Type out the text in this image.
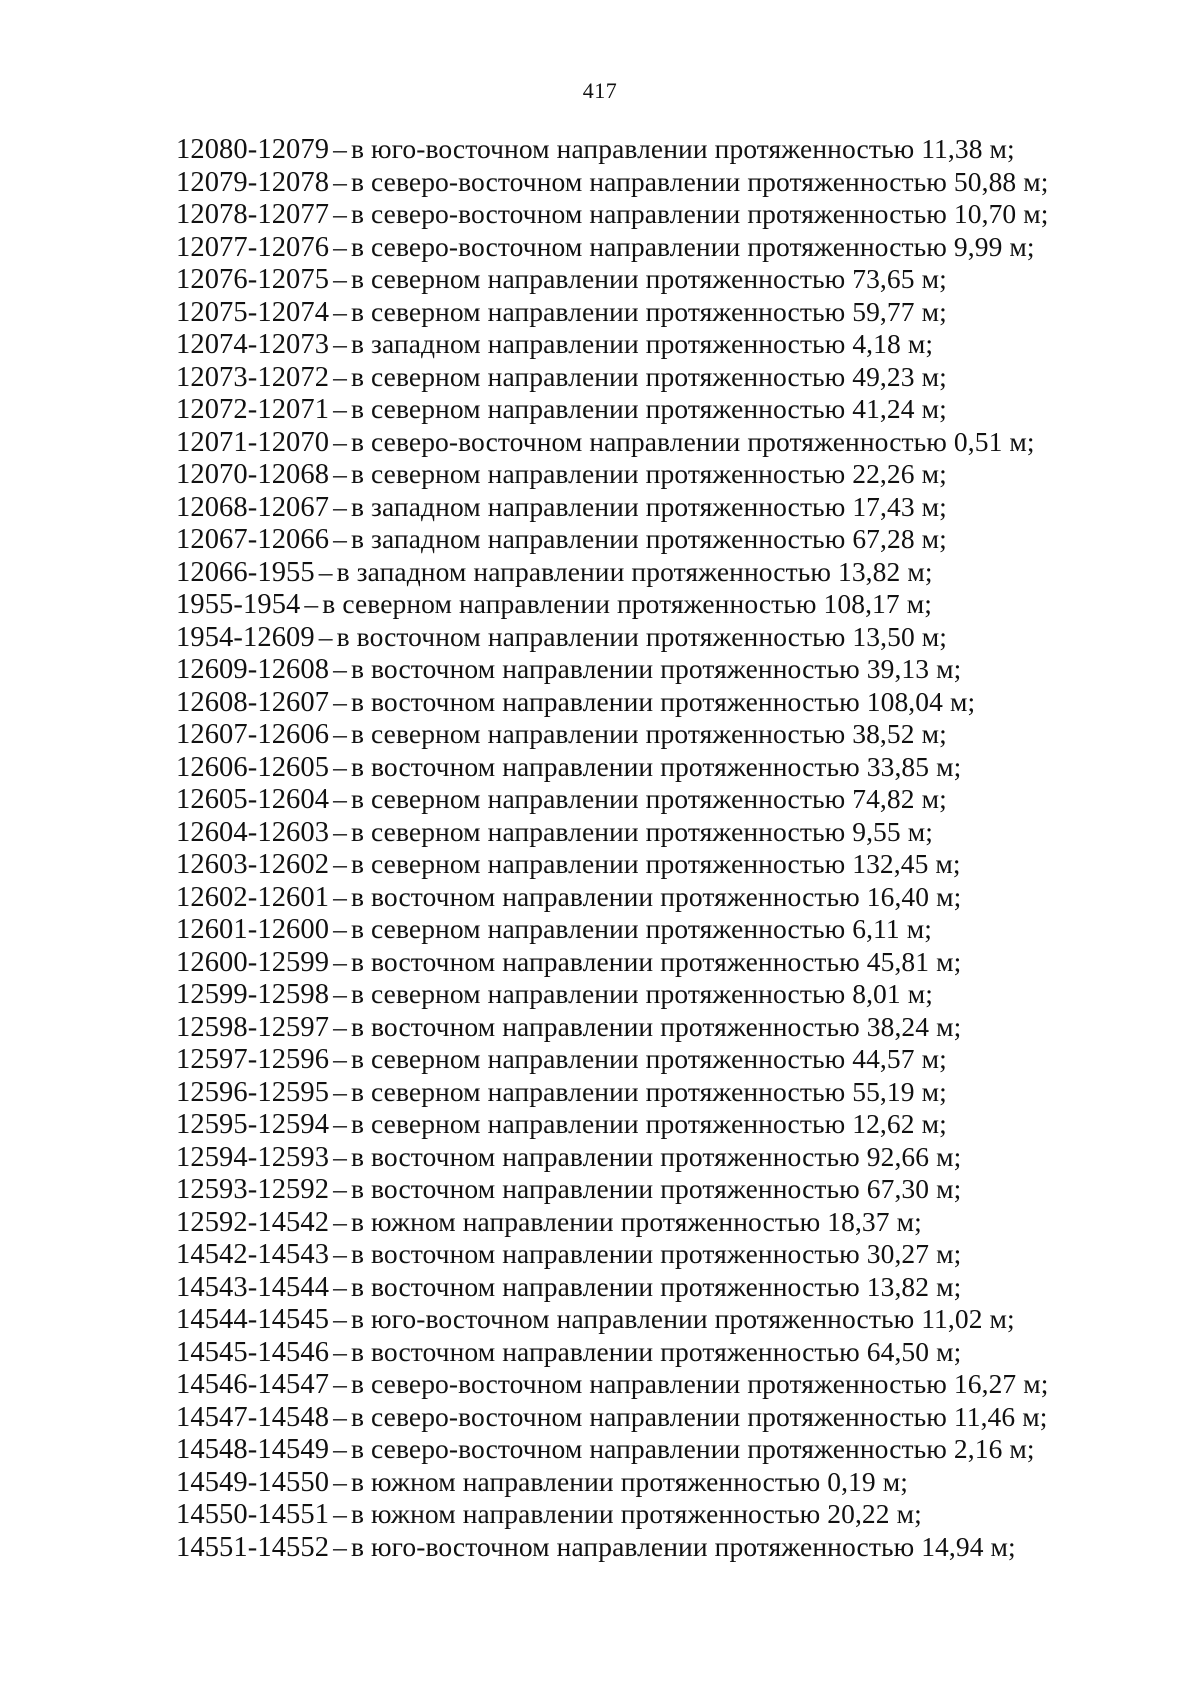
417
12080-12079 – в юго-восточном направлении протяженностью 11,38 м;
12079-12078 – в северо-восточном направлении протяженностью 50,88 м;
12078-12077 – в северо-восточном направлении протяженностью 10,70 м;
12077-12076 – в северо-восточном направлении протяженностью 9,99 м;
12076-12075 – в северном направлении протяженностью 73,65 м;
12075-12074 – в северном направлении протяженностью 59,77 м;
12074-12073 – в западном направлении протяженностью 4,18 м;
12073-12072 – в северном направлении протяженностью 49,23 м;
12072-12071 – в северном направлении протяженностью 41,24 м;
12071-12070 – в северо-восточном направлении протяженностью 0,51 м;
12070-12068 – в северном направлении протяженностью 22,26 м;
12068-12067 – в западном направлении протяженностью 17,43 м;
12067-12066 – в западном направлении протяженностью 67,28 м;
12066-1955 – в западном направлении протяженностью 13,82 м;
1955-1954 – в северном направлении протяженностью 108,17 м;
1954-12609 – в восточном направлении протяженностью 13,50 м;
12609-12608 – в восточном направлении протяженностью 39,13 м;
12608-12607 – в восточном направлении протяженностью 108,04 м;
12607-12606 – в северном направлении протяженностью 38,52 м;
12606-12605 – в восточном направлении протяженностью 33,85 м;
12605-12604 – в северном направлении протяженностью 74,82 м;
12604-12603 – в северном направлении протяженностью 9,55 м;
12603-12602 – в северном направлении протяженностью 132,45 м;
12602-12601 – в восточном направлении протяженностью 16,40 м;
12601-12600 – в северном направлении протяженностью 6,11 м;
12600-12599 – в восточном направлении протяженностью 45,81 м;
12599-12598 – в северном направлении протяженностью 8,01 м;
12598-12597 – в восточном направлении протяженностью 38,24 м;
12597-12596 – в северном направлении протяженностью 44,57 м;
12596-12595 – в северном направлении протяженностью 55,19 м;
12595-12594 – в северном направлении протяженностью 12,62 м;
12594-12593 – в восточном направлении протяженностью 92,66 м;
12593-12592 – в восточном направлении протяженностью 67,30 м;
12592-14542 – в южном направлении протяженностью 18,37 м;
14542-14543 – в восточном направлении протяженностью 30,27 м;
14543-14544 – в восточном направлении протяженностью 13,82 м;
14544-14545 – в юго-восточном направлении протяженностью 11,02 м;
14545-14546 – в восточном направлении протяженностью 64,50 м;
14546-14547 – в северо-восточном направлении протяженностью 16,27 м;
14547-14548 – в северо-восточном направлении протяженностью 11,46 м;
14548-14549 – в северо-восточном направлении протяженностью 2,16 м;
14549-14550 – в южном направлении протяженностью 0,19 м;
14550-14551 – в южном направлении протяженностью 20,22 м;
14551-14552 – в юго-восточном направлении протяженностью 14,94 м;
